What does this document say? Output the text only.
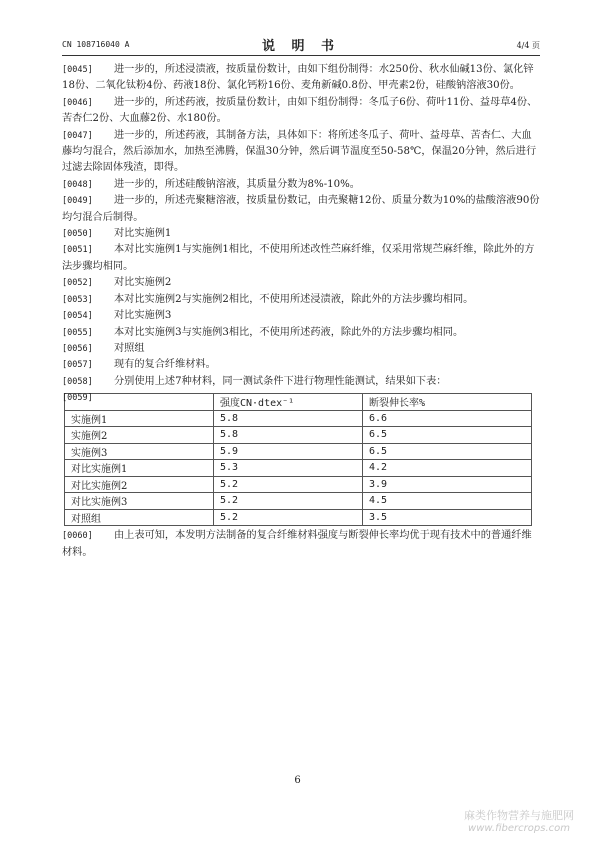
CN 108716040 A	说 明 书	4/4 页

[0045]	进一步的，所述浸渍液，按质量份数计，由如下组份制得：水250份、秋水仙碱13份、氯化锌18份、二氧化钛粉4份、药液18份、氯化钙粉16份、麦角新碱0.8份、甲壳素2份，硅酸钠溶液30份。

[0046]	进一步的，所述药液，按质量份数计，由如下组份制得：冬瓜子6份、荷叶11份、益母草4份、苦杏仁2份、大血藤2份、水180份。

[0047]	进一步的，所述药液，其制备方法，具体如下：将所述冬瓜子、荷叶、益母草、苦杏仁、大血藤均匀混合，然后添加水，加热至沸腾，保温30分钟，然后调节温度至50-58℃，保温20分钟，然后进行过滤去除固体残渣，即得。

[0048]	进一步的，所述硅酸钠溶液，其质量分数为8%-10%。

[0049]	进一步的，所述壳聚糖溶液，按质量份数记，由壳聚糖12份、质量分数为10%的盐酸溶液90份均匀混合后制得。

[0050] 对比实施例1

[0051]	本对比实施例1与实施例1相比，不使用所述改性苎麻纤维，仅采用常规苎麻纤维，除此外的方法步骤均相同。

[0052] 对比实施例2

[0053]	本对比实施例2与实施例2相比，不使用所述浸渍液，除此外的方法步骤均相同。

[0054] 对比实施例3

[0055]	本对比实施例3与实施例3相比，不使用所述药液，除此外的方法步骤均相同。

[0056] 对照组

[0057] 现有的复合纤维材料。

[0058]	分别使用上述7种材料，同一测试条件下进行物理性能测试，结果如下表：

[0059]

	强度CN·dtex⁻¹	断裂伸长率%
实施例1	5.8	6.6
实施例2	5.8	6.5
实施例3	5.9	6.5
对比实施例1	5.3	4.2
对比实施例2	5.2	3.9
对比实施例3	5.2	4.5
对照组	5.2	3.5

[0060]	由上表可知，本发明方法制备的复合纤维材料强度与断裂伸长率均优于现有技术中的普通纤维材料。

6
麻类作物营养与施肥网
www.fibercrops.com
